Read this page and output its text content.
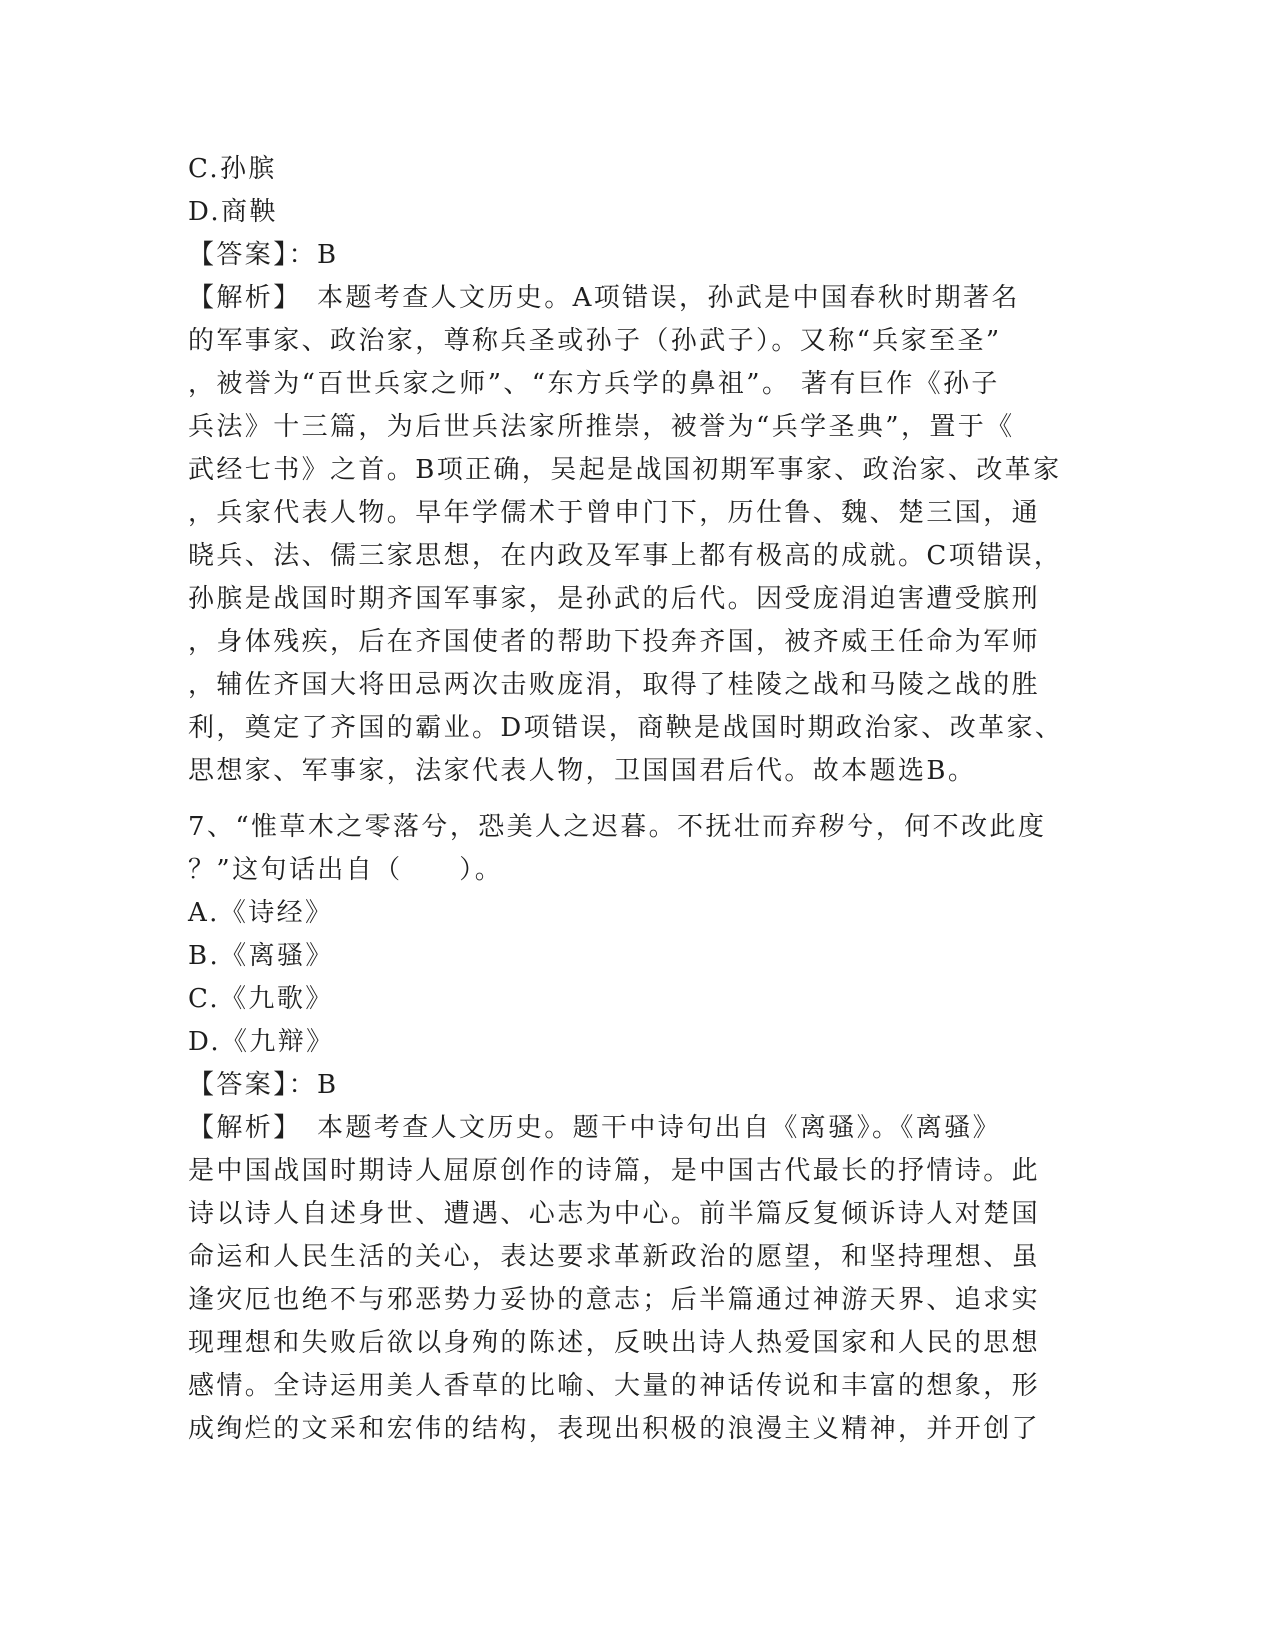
C.孙膑
D.商鞅
【答案】：B
【解析】　本题考查人文历史。A项错误，孙武是中国春秋时期著名
的军事家、政治家，尊称兵圣或孙子（孙武子）。又称“兵家至圣”
，被誉为“百世兵家之师”、“东方兵学的鼻祖”。 著有巨作《孙子
兵法》十三篇，为后世兵法家所推崇，被誉为“兵学圣典”，置于《
武经七书》之首。B项正确，吴起是战国初期军事家、政治家、改革家
，兵家代表人物。早年学儒术于曾申门下，历仕鲁、魏、楚三国，通
晓兵、法、儒三家思想，在内政及军事上都有极高的成就。C项错误，
孙膑是战国时期齐国军事家，是孙武的后代。因受庞涓迫害遭受膑刑
，身体残疾，后在齐国使者的帮助下投奔齐国，被齐威王任命为军师
，辅佐齐国大将田忌两次击败庞涓，取得了桂陵之战和马陵之战的胜
利，奠定了齐国的霸业。D项错误，商鞅是战国时期政治家、改革家、
思想家、军事家，法家代表人物，卫国国君后代。故本题选B。
7、“惟草木之零落兮，恐美人之迟暮。不抚壮而弃秽兮，何不改此度
？”这句话出自（　　）。
A.《诗经》
B.《离骚》
C.《九歌》
D.《九辩》
【答案】：B
【解析】　本题考查人文历史。题干中诗句出自《离骚》。《离骚》
是中国战国时期诗人屈原创作的诗篇，是中国古代最长的抒情诗。此
诗以诗人自述身世、遭遇、心志为中心。前半篇反复倾诉诗人对楚国
命运和人民生活的关心，表达要求革新政治的愿望，和坚持理想、虽
逢灾厄也绝不与邪恶势力妥协的意志；后半篇通过神游天界、追求实
现理想和失败后欲以身殉的陈述，反映出诗人热爱国家和人民的思想
感情。全诗运用美人香草的比喻、大量的神话传说和丰富的想象，形
成绚烂的文采和宏伟的结构，表现出积极的浪漫主义精神，并开创了
